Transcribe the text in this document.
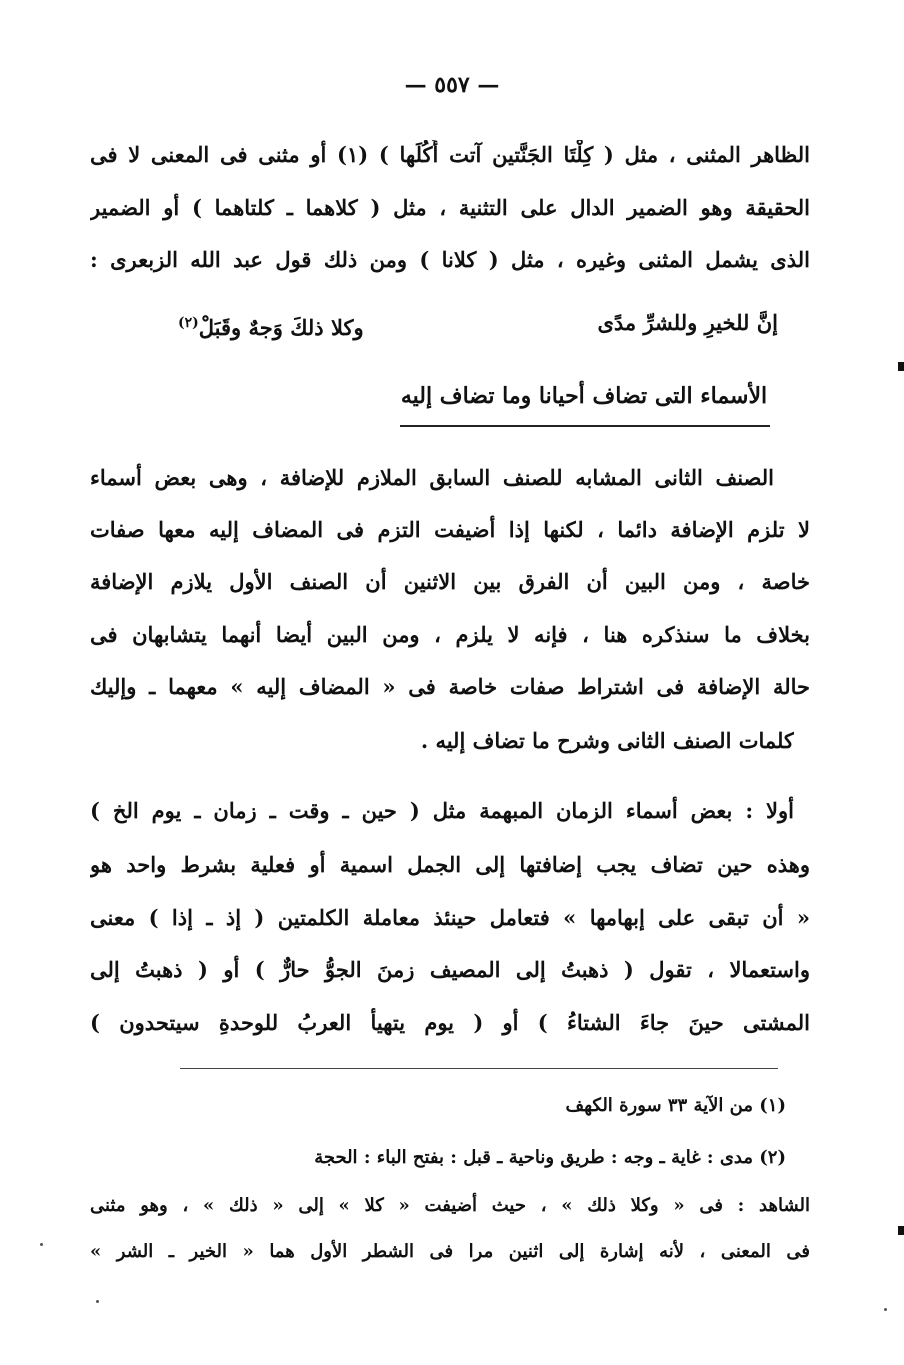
— ٥٥٧ —
الظاهر المثنى ، مثل ( كِلْتَا الجَنَّتين آتت أُكُلَها ) (١) أو مثنى فى المعنى لا فى
الحقيقة وهو الضمير الدال على التثنية ، مثل ( كلاهما ـ كلتاهما ) أو الضمير
الذى يشمل المثنى وغيره ، مثل ( كلانا ) ومن ذلك قول عبد الله الزبعرى :
إنَّ للخيرِ وللشرِّ مدًى
وكلا ذلكَ وَجهٌ وقَبَلْ$^{(٢)}$
الأسماء التى تضاف أحيانا وما تضاف إليه
الصنف الثانى المشابه للصنف السابق الملازم للإضافة ، وهى بعض أسماء
لا تلزم الإضافة دائما ، لكنها إذا أضيفت التزم فى المضاف إليه معها صفات
خاصة ، ومن البين أن الفرق بين الاثنين أن الصنف الأول يلازم الإضافة
بخلاف ما سنذكره هنا ، فإنه لا يلزم ، ومن البين أيضا أنهما يتشابهان فى
حالة الإضافة فى اشتراط صفات خاصة فى « المضاف إليه » معهما ـ وإليك
كلمات الصنف الثانى وشرح ما تضاف إليه .
أولا : بعض أسماء الزمان المبهمة مثل ( حين ـ وقت ـ زمان ـ يوم الخ )
وهذه حين تضاف يجب إضافتها إلى الجمل اسمية أو فعلية بشرط واحد هو
« أن تبقى على إبهامها » فتعامل حينئذ معاملة الكلمتين ( إذ ـ إذا ) معنى
واستعمالا ، تقول ( ذهبتُ إلى المصيف زمنَ الجوُّ حارٌّ ) أو ( ذهبتُ إلى
المشتى حينَ جاءَ الشتاءُ ) أو ( يوم يتهيأ العربُ للوحدةِ سيتحدون )
(١) من الآية ٣٣ سورة الكهف
(٢) مدى : غاية ـ وجه : طريق وناحية ـ قبل : بفتح الباء : الحجة
الشاهد : فى « وكلا ذلك » ، حيث أضيفت « كلا » إلى « ذلك » ، وهو مثنى
فى المعنى ، لأنه إشارة إلى اثنين مرا فى الشطر الأول هما « الخير ـ الشر »
